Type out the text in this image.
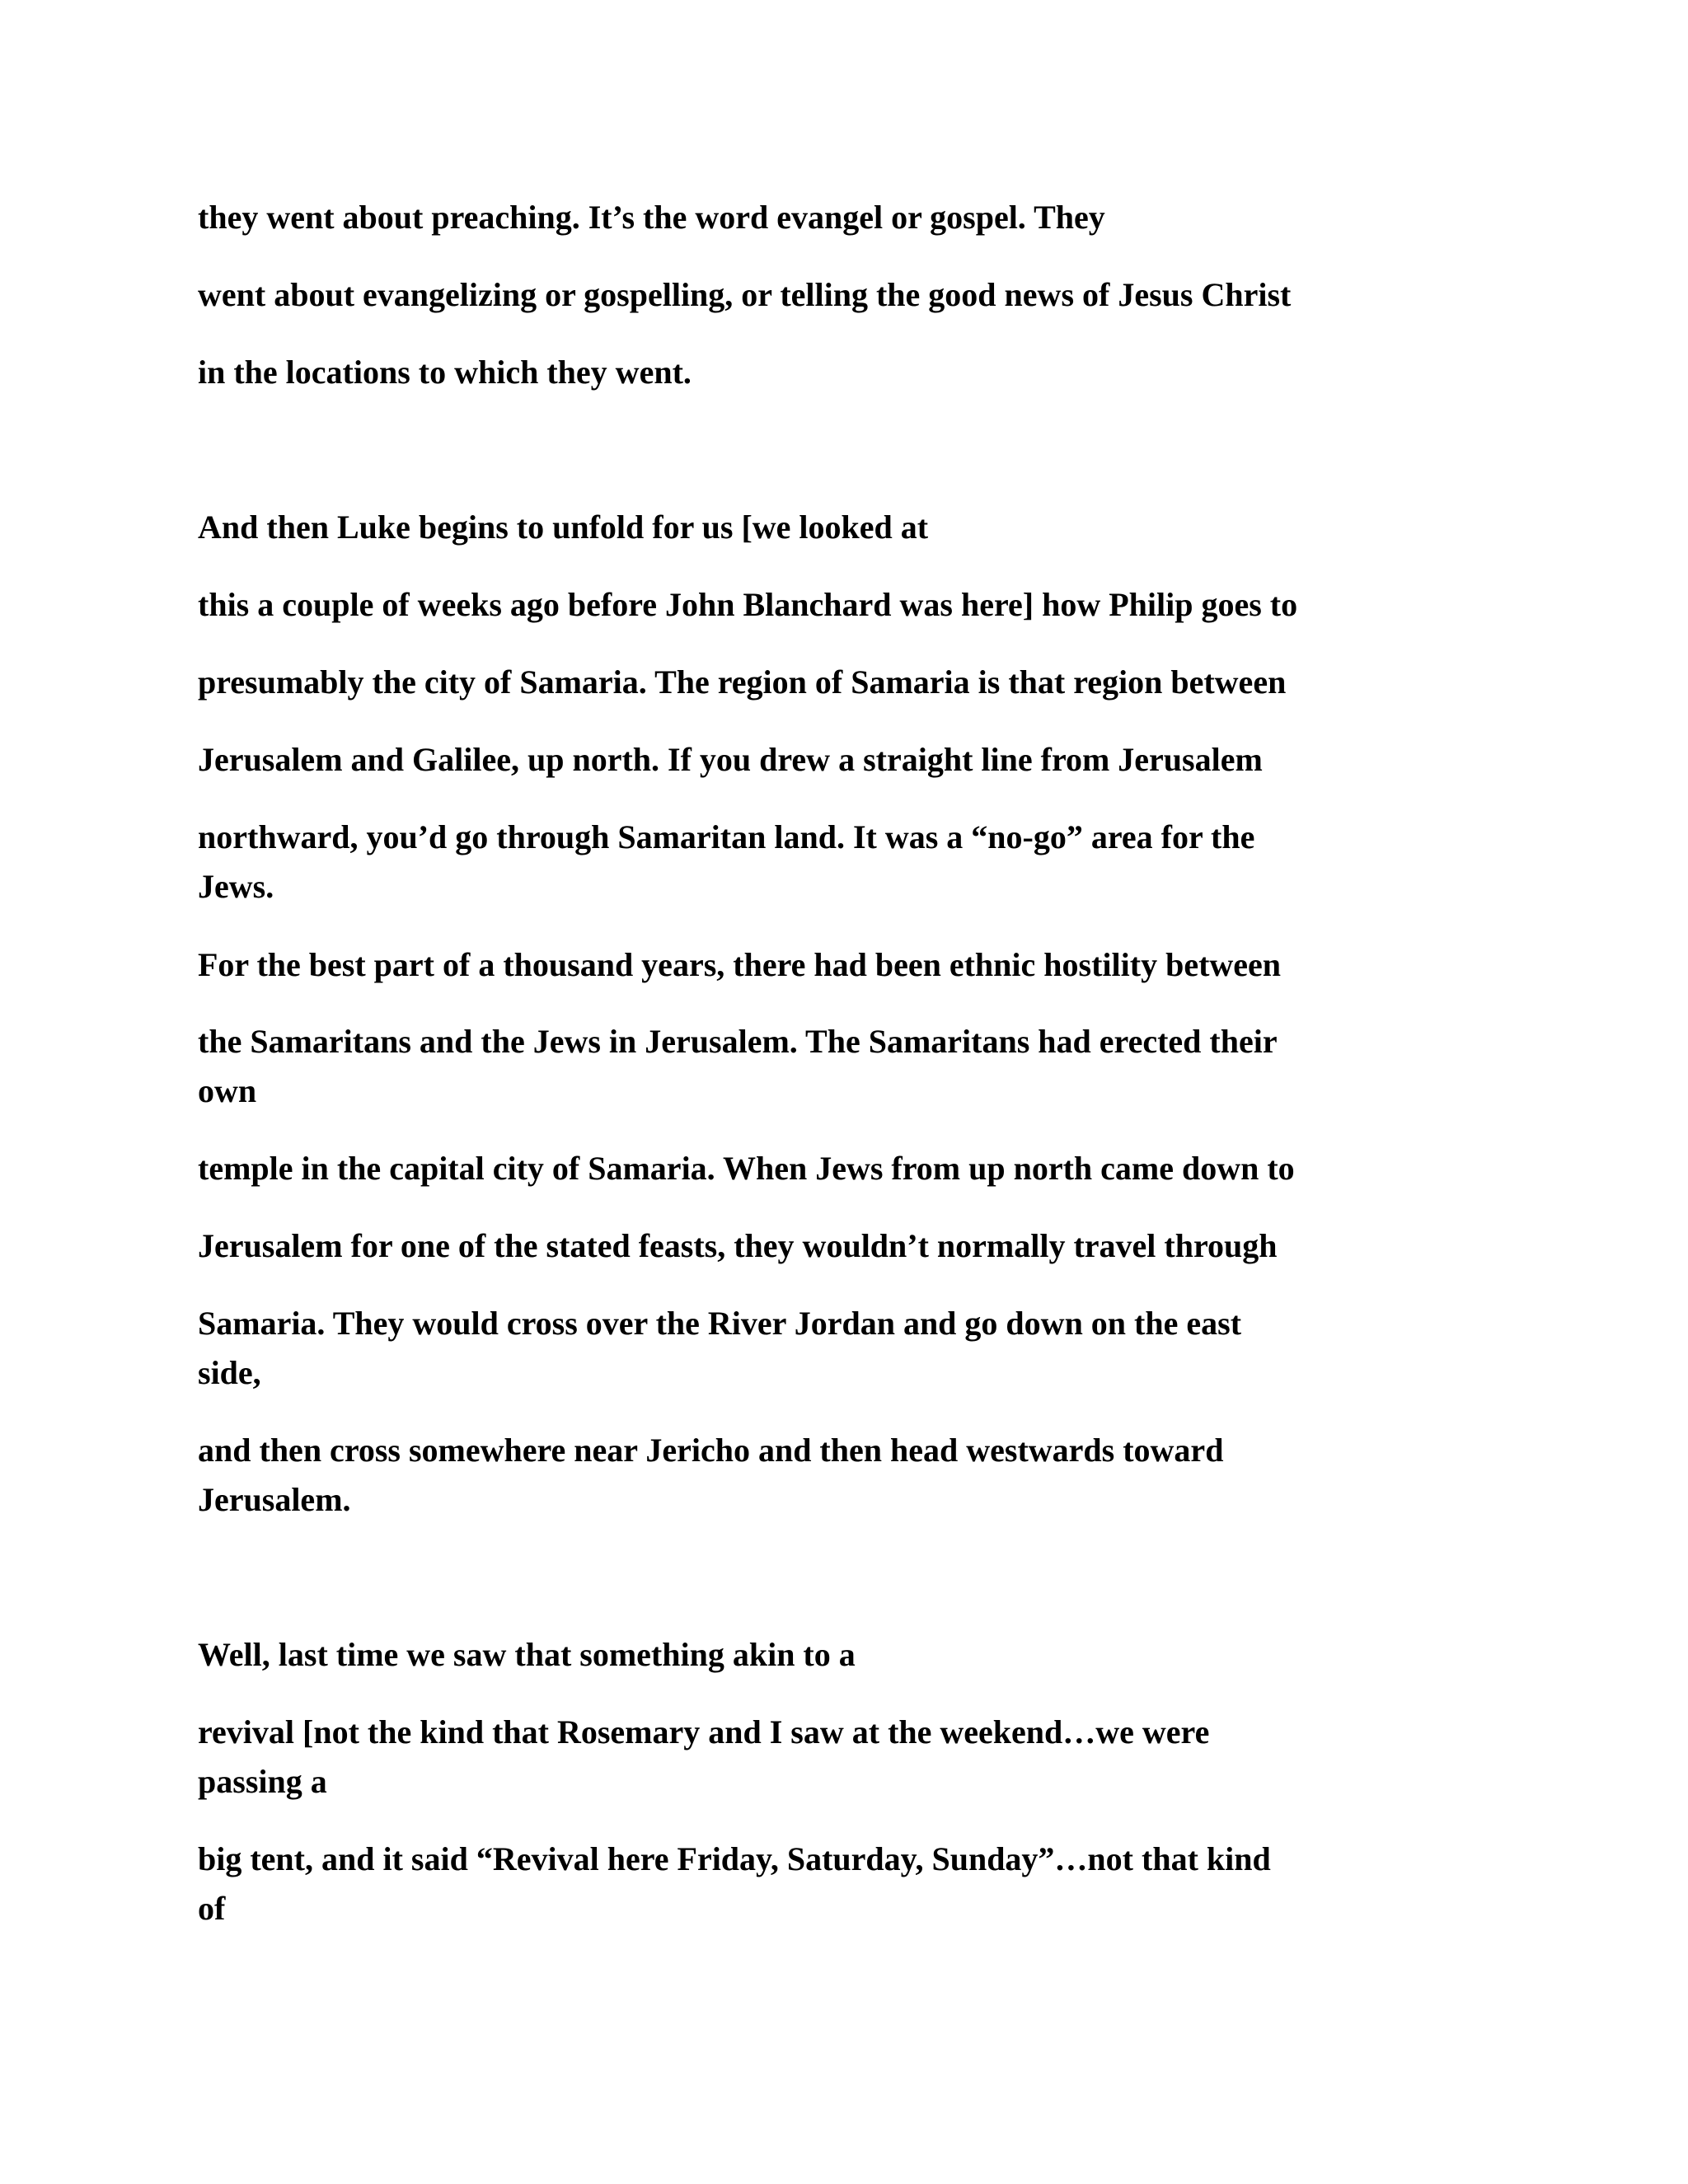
they went about preaching. It’s the word evangel or gospel. They

went about evangelizing or gospelling, or telling the good news of Jesus Christ

in the locations to which they went.

And then Luke begins to unfold for us [we looked at

this a couple of weeks ago before John Blanchard was here] how Philip goes to

presumably the city of Samaria. The region of Samaria is that region between

Jerusalem and Galilee, up north. If you drew a straight line from Jerusalem

northward, you’d go through Samaritan land. It was a “no-go” area for the

Jews.

For the best part of a thousand years, there had been ethnic hostility between

the Samaritans and the Jews in Jerusalem. The Samaritans had erected their

own

temple in the capital city of Samaria. When Jews from up north came down to

Jerusalem for one of the stated feasts, they wouldn’t normally travel through

Samaria. They would cross over the River Jordan and go down on the east

side,

and then cross somewhere near Jericho and then head westwards toward

Jerusalem.

Well, last time we saw that something akin to a

revival [not the kind that Rosemary and I saw at the weekend…we were

passing a

big tent, and it said “Revival here Friday, Saturday, Sunday”…not that kind

of
